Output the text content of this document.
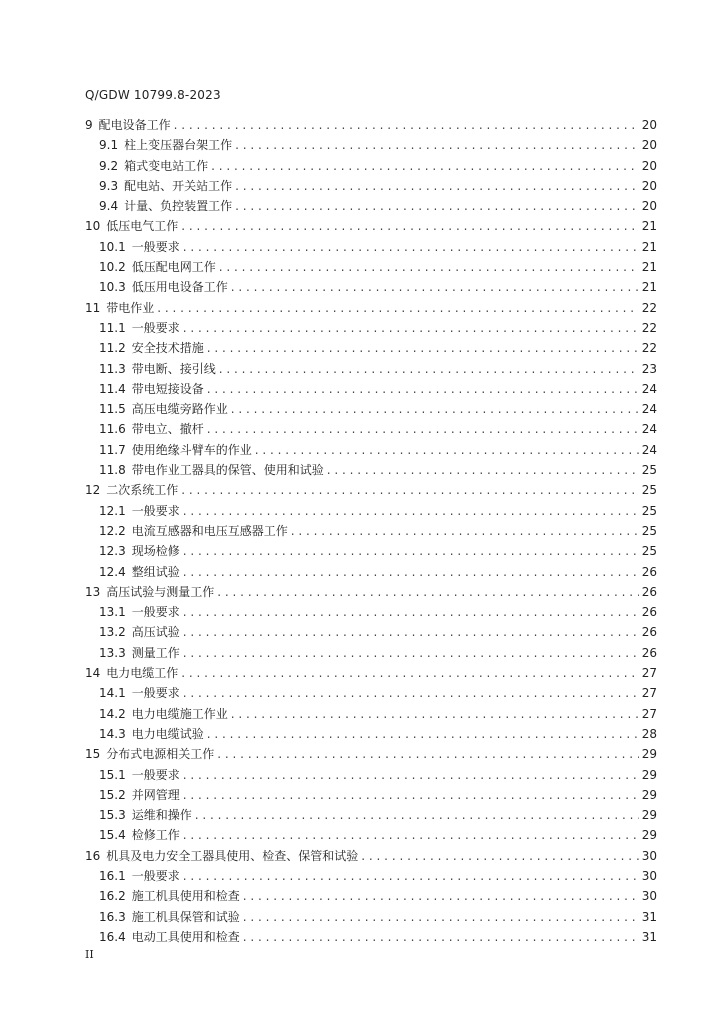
Q/GDW 10799.8-2023
9 配电设备工作 . . .	20
9.1 柱上变压器台架工作 . . .	20
9.2 箱式变电站工作 . . .	20
9.3 配电站、开关站工作 . . .	20
9.4 计量、负控装置工作 . . .	20
10 低压电气工作 . . .	21
10.1 一般要求 . . .	21
10.2 低压配电网工作 . . .	21
10.3 低压用电设备工作 . . .	21
11 带电作业 . . .	22
11.1 一般要求 . . .	22
11.2 安全技术措施 . . .	22
11.3 带电断、接引线 . . .	23
11.4 带电短接设备 . . .	24
11.5 高压电缆旁路作业 . . .	24
11.6 带电立、撤杆 . . .	24
11.7 使用绝缘斗臂车的作业 . . .	24
11.8 带电作业工器具的保管、使用和试验 . . .	25
12 二次系统工作 . . .	25
12.1 一般要求 . . .	25
12.2 电流互感器和电压互感器工作 . . .	25
12.3 现场检修 . . .	25
12.4 整组试验 . . .	26
13 高压试验与测量工作 . . .	26
13.1 一般要求 . . .	26
13.2 高压试验 . . .	26
13.3 测量工作 . . .	26
14 电力电缆工作 . . .	27
14.1 一般要求 . . .	27
14.2 电力电缆施工作业 . . .	27
14.3 电力电缆试验 . . .	28
15 分布式电源相关工作 . . .	29
15.1 一般要求 . . .	29
15.2 并网管理 . . .	29
15.3 运维和操作 . . .	29
15.4 检修工作 . . .	29
16 机具及电力安全工器具使用、检查、保管和试验 . . .	30
16.1 一般要求 . . .	30
16.2 施工机具使用和检查 . . .	30
16.3 施工机具保管和试验 . . .	31
16.4 电动工具使用和检查 . . .	31
II
